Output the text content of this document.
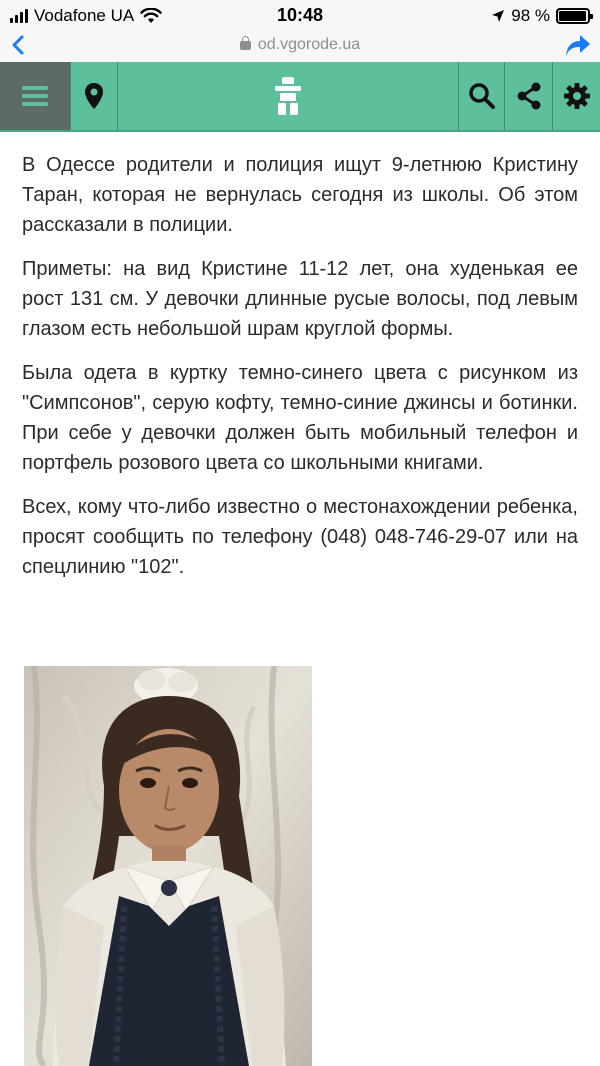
Vodafone UA	10:48	98 %
od.vgorode.ua

В Одессе родители и полиция ищут 9-летнюю Кристину Таран, которая не вернулась сегодня из школы. Об этом рассказали в полиции.

Приметы: на вид Кристине 11-12 лет, она худенькая ее рост 131 см. У девочки длинные русые волосы, под левым глазом есть небольшой шрам круглой формы.

Была одета в куртку темно-синего цвета с рисунком из "Симпсонов", серую кофту, темно-синие джинсы и ботинки. При себе у девочки должен быть мобильный телефон и портфель розового цвета со школьными книгами.

Всех, кому что-либо известно о местонахождении ребенка, просят сообщить по телефону (048) 048-746-29-07 или на спецлинию "102".
